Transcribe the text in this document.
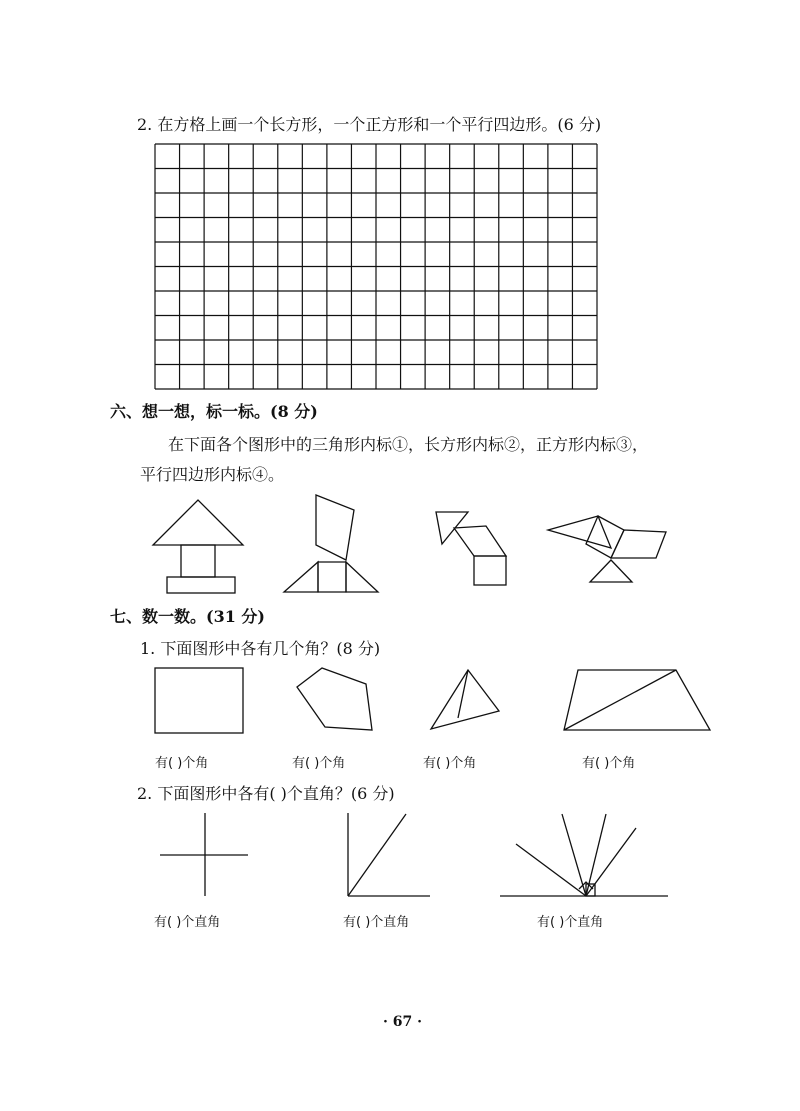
2. 在方格上画一个长方形，一个正方形和一个平行四边形。(6 分)
六、想一想，标一标。(8 分)
在下面各个图形中的三角形内标①，长方形内标②，正方形内标③，
平行四边形内标④。
七、数一数。(31 分)
1. 下面图形中各有几个角？(8 分)
有( )个角	有( )个角	有( )个角	有( )个角
2. 下面图形中各有( )个直角？(6 分)
有( )个直角	有( )个直角	有( )个直角
· 67 ·
